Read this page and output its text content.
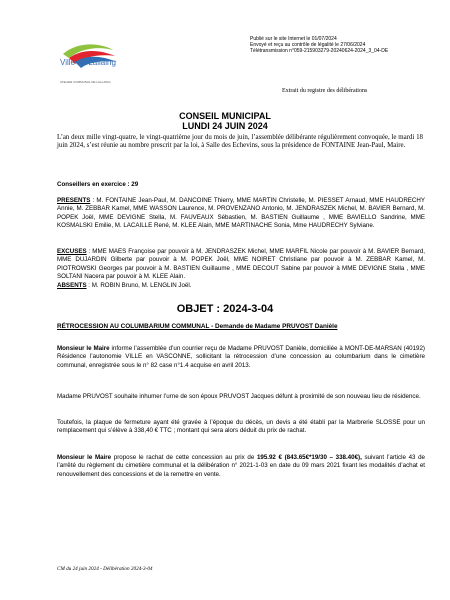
Ville de Lallaing
ATELIER COMMUNAL DE LALLAING
Publié sur le site Internet le 01/07/2024
Envoyé et reçu au contrôle de légalité le 27/06/2024
Télétransmission n°059-215903279-20240624-2024_3_04-DE
Extrait du registre des délibérations
CONSEIL MUNICIPAL
LUNDI 24 JUIN 2024
L’an deux mille vingt-quatre, le vingt-quatrième jour du mois de juin, l’assemblée délibérante régulièrement convoquée, le mardi 18 juin 2024, s’est réunie au nombre prescrit par la loi, à Salle des Echevins, sous la présidence de FONTAINE Jean-Paul, Maire.
Conseillers en exercice : 29
PRESENTS : M. FONTAINE Jean-Paul, M. DANCOINE Thierry, MME MARTIN Christelle, M. PIESSET Arnaud, MME HAUDRECHY Annie, M. ZEBBAR Kamel, MME WASSON Laurence, M. PROVENZANO Antonio, M. JENDRASZEK Michel, M. BAVIER Bernard, M. POPEK Joël, MME DEVIGNE Stella, M. FAUVEAUX Sébastien, M. BASTIEN Guillaume , MME BAVIELLO Sandrine, MME KOSMALSKI Emilie, M. LACAILLE René, M. KLEE Alain, MME MARTINACHE Sonia, Mme HAUDRECHY Sylviane.
EXCUSES : MME MAES Françoise par pouvoir à M. JENDRASZEK Michel, MME MARFIL Nicole par pouvoir à M. BAVIER Bernard, MME DUJARDIN Gilberte par pouvoir à M. POPEK Joël, MME NOIRET Christiane par pouvoir à M. ZEBBAR Kamel, M. PIOTROWSKI Georges par pouvoir à M. BASTIEN Guillaume , MME DECOUT Sabine par pouvoir à MME DEVIGNE Stella , MME SOLTANI Nacera par pouvoir à M. KLEE Alain.
ABSENTS : M. ROBIN Bruno, M. LENGLIN Joël.
OBJET : 2024-3-04
RÉTROCESSION AU COLUMBARIUM COMMUNAL - Demande de Madame PRUVOST Danièle
Monsieur le Maire informe l’assemblée d’un courrier reçu de Madame PRUVOST Danièle, domiciliée à MONT-DE-MARSAN (40192) Résidence l’autonomie VILLE en VASCONNE, sollicitant la rétrocession d’une concession au columbarium dans le cimetière communal, enregistrée sous le n° 82 case n°1.4 acquise en avril 2013.
Madame PRUVOST souhaite inhumer l’urne de son époux PRUVOST Jacques défunt à proximité de son nouveau lieu de résidence.
Toutefois, la plaque de fermeture ayant été gravée à l’époque du décès, un devis a été établi par la Marbrerie SLOSSE pour un remplacement qui s’élève à 338,40 € TTC ; montant qui sera alors déduit du prix de rachat.
Monsieur le Maire propose le rachat de cette concession au prix de 195.92 € (843.65€*19/30 – 338.40€), suivant l’article 43 de l’arrêté du règlement du cimetière communal et la délibération n° 2021-1-03 en date du 09 mars 2021 fixant les modalités d’achat et renouvellement des concessions et de la remettre en vente.
CM du 24 juin 2024 - Délibération 2024-3-04
